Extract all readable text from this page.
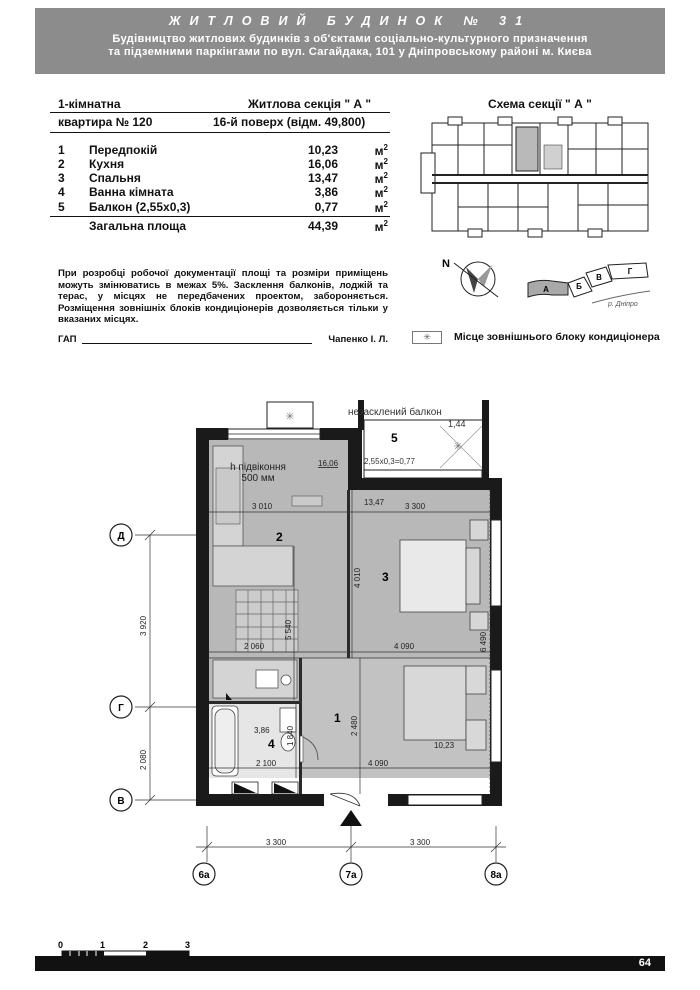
ЖИТЛОВИЙ БУДИНОК № 31
Будівництво житлових будинків з об'єктами соціально-культурного призначення
та підземними паркінгами по вул. Сагайдака, 101 у Дніпровському районі м. Києва
1-кімнатна	Житлова секція " А "
квартира № 120	16-й поверх (відм. 49,800)
1 Передпокій	10,23	$м^2$
2 Кухня	16,06	$м^2$
3 Спальня	13,47	$м^2$
4 Ванна кімната	3,86	$м^2$
5 Балкон (2,55х0,3)	0,77	$м^2$
Загальна площа	44,39	$м^2$
Схема секції " А "
N
А	Б
В
Г
р. Дніпро
При розробці робочої документації площі та розміри приміщень можуть змінюватись в межах 5%. Засклення балконів, лоджій та терас, у місцях не передбачених проектом, забороняється. Розміщення зовнішніх блоків кондиціонерів дозволяється тільки у вказаних місцях.
ГАП	Чапенко І. Л.	✳	Місце зовнішнього блоку кондиціонера
✳
✳
незасклений балкон
1,44
5
2,55x0,3=0,77
h підвіконня
500 мм
16,06
13,47
2
3
1
4
3,86
10,23
3 010	3 300
2 060	4 090
2 100	4 090
4 010
5 540
6 490
2 480
1 840
3 920
2 080
3 300	3 300
Д
Г
В
6а	7а	8а
0	1	2	3
64
